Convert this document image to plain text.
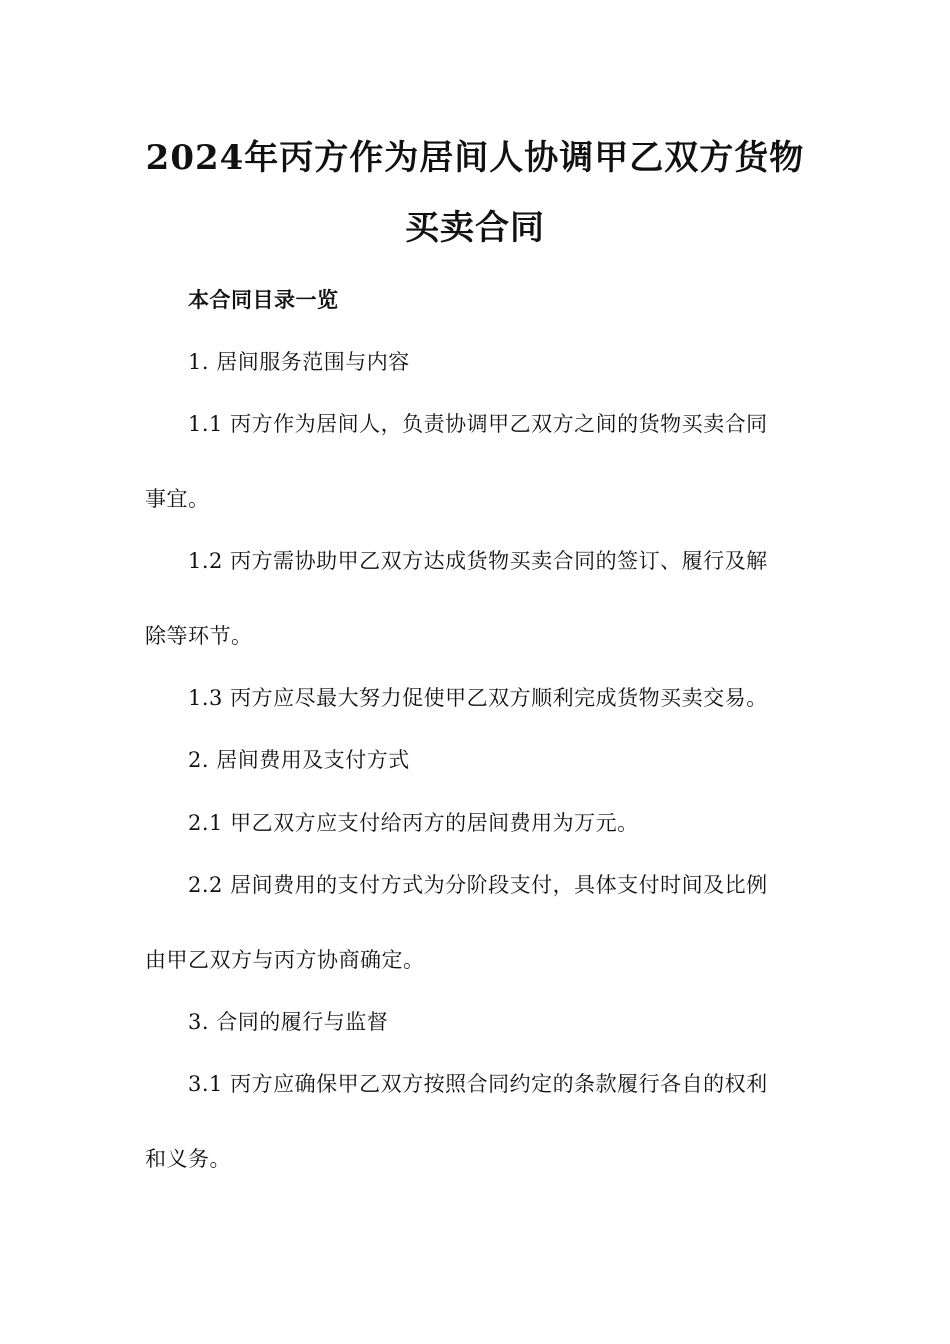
2024年丙方作为居间人协调甲乙双方货物
买卖合同
本合同目录一览
1. 居间服务范围与内容
1.1 丙方作为居间人，负责协调甲乙双方之间的货物买卖合同
事宜。
1.2 丙方需协助甲乙双方达成货物买卖合同的签订、履行及解
除等环节。
1.3 丙方应尽最大努力促使甲乙双方顺利完成货物买卖交易。
2. 居间费用及支付方式
2.1 甲乙双方应支付给丙方的居间费用为万元。
2.2 居间费用的支付方式为分阶段支付，具体支付时间及比例
由甲乙双方与丙方协商确定。
3. 合同的履行与监督
3.1 丙方应确保甲乙双方按照合同约定的条款履行各自的权利
和义务。
